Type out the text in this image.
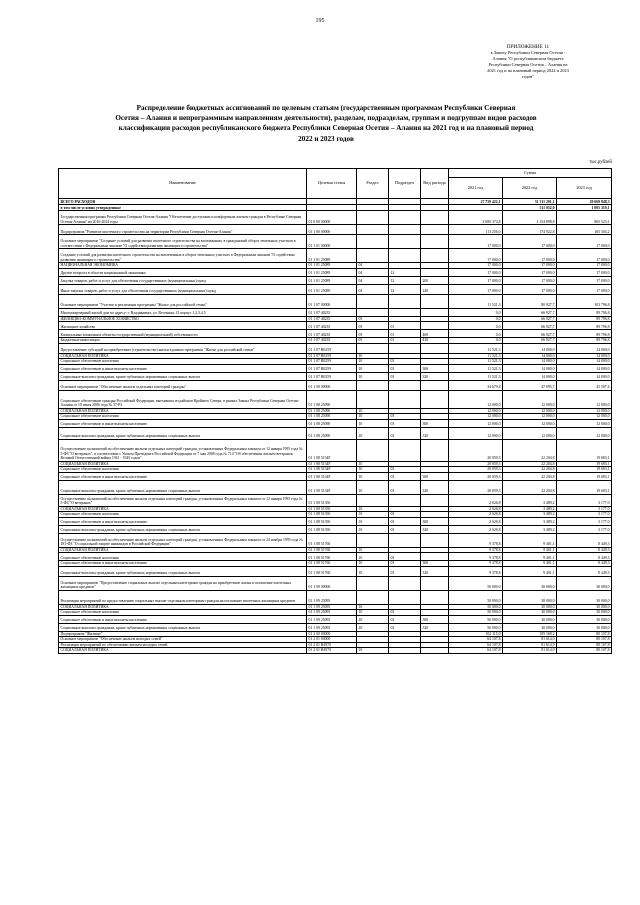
195
ПРИЛОЖЕНИЕ 11
к Закону Республики Северная Осетия -
Алания "О республиканском бюджете
Республики Северная Осетия – Алания на
2021 год и на плановый период 2022 и 2023
годов"
Распределение бюджетных ассигнований по целевым статьям (государственным программам Республики Северная
Осетия – Алания и непрограммным направлениям деятельности), разделам, подразделам, группам и подгруппам видов расходов
классификации расходов республиканского бюджета Республики Северная Осетия – Алания на 2021 год и на плановый период
2022 и 2023 годов
тыс.рублей
Наименование	Целевая статья	Раздел	Подраздел	Вид расхода	Сумма		
					2021 год	2022 год	2023 год
ВСЕГО РАСХОДОВ					27 759 422,1	31 311 201,1	29 669 848,3
в том числе условно утвержденные						511 052,0	1 005 319,1
Государственная программа Республики Северная Осетия-Алания "Обеспечение доступным и комфортным жильем граждан в Республике Северная Осетия-Алания" на 2016-2024 годы	01 0 00 00000				2 680 374,8	1 154 898,8	865 523,1
Подпрограмма "Развитие ипотечного строительства на территории Республики Северная Осетия-Алания"	01 1 00 00000				113 256,0	174 922,8	165 304,2
Основное мероприятие "Создание условий для развития ипотечного строительства на вложенными, в гражданский оборот земельных участков в соответствии с Федеральным законом "О содействии развитию жилищного строительства"	01 1 01 00000				17 000,0	17 000,0	17 000,0
Создание условий для развития ипотечного строительства на вовлеченных в оборот земельных участках в Федеральным законом "О содействии развитию жилищного строительства"	01 1 01 25089				17 000,0	17 000,0	17 000,0
НАЦИОНАЛЬНАЯ ЭКОНОМИКА	01 1 01 25089	04			17 000,0	17 000,0	17 000,0
Другие вопросы в области национальной экономики	01 1 01 25089	04	12		17 000,0	17 000,0	17 000,0
Закупка товаров, работ и услуг для обеспечения государственных (муниципальных) нужд	01 1 01 25089	04	12	200	17 000,0	17 000,0	17 000,0
Иные закупки товаров, работ и услуг для обеспечения государственных (муниципальных) нужд	01 1 01 25089	04	12	240	17 000,0	17 000,0	17 000,0
Основное мероприятие "Участие в реализации программы "Жилье для российской семьи"	01 1 07 00000				11 521,3	80 927,7	103 796,8
Многоквартирный жилой дом по адресу: г. Владикавказ, ул. Весенняя, 41 корпус 1,2,3,4,5	01 1 07 40235				0,0	66 927,7	89 796,8
ЖИЛИЩНО-КОММУНАЛЬНОЕ ХОЗЯЙСТВО	01 1 07 40235	05			0,0	66 927,7	89 796,8
Жилищное хозяйство	01 1 07 40235	05	01		0,0	66 927,7	89 796,8
Капитальные вложения в объекты государственной (муниципальной) собственности	01 1 07 40235	05	01	400	0,0	66 927,7	89 796,8
Бюджетные инвестиции	01 1 07 40235	05	01	410	0,0	66 927,7	89 796,8
Предоставление субсидий на приобретение (строительство) жилья в рамках программы "Жилье для российской семьи"	01 1 07 R0259				11 521,3	14 000,0	14 000,0
СОЦИАЛЬНАЯ ПОЛИТИКА	01 1 07 R0259	10			11 521,3	14 000,0	14 000,0
Социальное обеспечение населения	01 1 07 R0259	10	03		11 521,3	14 000,0	14 000,0
Социальное обеспечение и иные выплаты населению	01 1 07 R0259	10	03	300	11 521,3	14 000,0	14 000,0
Социальные выплаты гражданам, кроме публичных нормативных социальных выплат	01 1 07 R0259	10	03	320	11 521,3	14 000,0	14 000,0
Основное мероприятие "Обеспечение жильем отдельных категорий граждан"	01 1 08 00000				34 679,8	47 095,7	45 507,4
Социальное обеспечение граждан Российской Федерации, выехавших из районов Крайнего Севера, в рамках Закона Республики Северная Осетия-Алания от 10 июля 2006 года № 37-РЗ	01 1 08 25090				12 000,0	12 000,0	12 000,0
СОЦИАЛЬНАЯ ПОЛИТИКА	01 1 08 25090	10			12 000,0	12 000,0	12 000,0
Социальное обеспечение населения	01 1 08 25090	10	03		12 000,0	12 000,0	12 000,0
Социальное обеспечение и иные выплаты населению	01 1 08 25090	10	03	300	12 000,0	12 000,0	12 000,0
Социальные выплаты гражданам, кроме публичных нормативных социальных выплат	01 1 08 25090	10	03	320	12 000,0	12 000,0	12 000,0
Осуществление полномочий по обеспечению жильем отдельных категорий граждан, установленных Федеральным законом от 12 января 1995 года № 5-ФЗ "О ветеранах", в соответствии с Указом Президента Российской Федерации от 7 мая 2008 года № 714 "Об обеспечении жильем ветеранов Великой Отечественной войны 1941 - 1945 годов"	01 1 08 5134F				20 059,3	22 204,8	19 683,1
СОЦИАЛЬНАЯ ПОЛИТИКА	01 1 08 5134F	10			20 059,3	22 204,8	19 683,1
Социальное обеспечение населения	01 1 08 5134F	10	03		20 059,3	22 204,8	19 683,1
Социальное обеспечение и иные выплаты населению	01 1 08 5134F	10	03	300	20 059,3	22 204,8	19 683,1
Социальные выплаты гражданам, кроме публичных нормативных социальных выплат	01 1 08 5134F	10	03	320	20 059,3	22 204,8	19 683,1
Осуществление полномочий по обеспечению жильем отдельных категорий граждан, установленных Федеральным законом от 12 января 1995 года № 5-ФЗ "О ветеранах"	01 1 08 51350				2 626,8	3 489,2	3 177,0
СОЦИАЛЬНАЯ ПОЛИТИКА	01 1 08 51350	10			2 626,8	3 489,2	3 177,0
Социальное обеспечение населения	01 1 08 51350	10	03		2 626,8	3 489,2	3 177,0
Социальное обеспечение и иные выплаты населению	01 1 08 51350	10	03	300	2 626,8	3 489,2	3 177,0
Социальные выплаты гражданам, кроме публичных нормативных социальных выплат	01 1 08 51350	10	03	320	2 626,8	3 489,2	3 177,0
Осуществление полномочий по обеспечению жильем отдельных категорий граждан, установленных Федеральным законом от 24 ноября 1995 года № 181-ФЗ "О социальной защите инвалидов в Российской Федерации"	01 1 08 51760				9 378,8	9 401,1	8 449,3
СОЦИАЛЬНАЯ ПОЛИТИКА	01 1 08 51760	10			9 378,8	9 401,1	8 449,3
Социальное обеспечение населения	01 1 08 51760	10	03		9 378,8	9 401,1	8 449,3
Социальное обеспечение и иные выплаты населению	01 1 08 51760	10	03	300	9 378,8	9 401,1	8 449,3
Социальные выплаты гражданам, кроме публичных нормативных социальных выплат	01 1 08 51760	10	03	320	9 378,8	9 401,1	8 449,3
Основное мероприятие "Предоставление социальных выплат отдельным категориям граждан на приобретение жилья и погашение ипотечных жилищных кредитов"	01 1 09 00000				50 000,0	30 000,0	30 000,0
Реализация мероприятий по предоставлению социальных выплат отдельным категориям граждан на погашение ипотечных жилищных кредитов	01 1 09 25095				50 000,0	30 000,0	30 000,0
СОЦИАЛЬНАЯ ПОЛИТИКА	01 1 09 25095	10			50 000,0	30 000,0	30 000,0
Социальное обеспечение населения	01 1 09 25095	10	03		50 000,0	30 000,0	30 000,0
Социальное обеспечение и иные выплаты населению	01 1 09 25095	10	03	300	50 000,0	30 000,0	30 000,0
Социальные выплаты гражданам, кроме публичных нормативных социальных выплат	01 1 09 25095	10	03	320	50 000,0	30 000,0	30 000,0
Подпрограмма "Жилище"	01 2 00 00000				102 115,0	109 168,2	80 107,8
Основное мероприятие "Обеспечение жильем молодых семей"	01 2 01 00000				64 107,8	81 614,9	80 107,8
Реализация мероприятий по обеспечению жильем молодых семей	01 2 01 R4970				64 107,8	81 614,9	80 107,8
СОЦИАЛЬНАЯ ПОЛИТИКА	01 2 01 R4970	10			64 107,8	81 614,9	80 107,8
